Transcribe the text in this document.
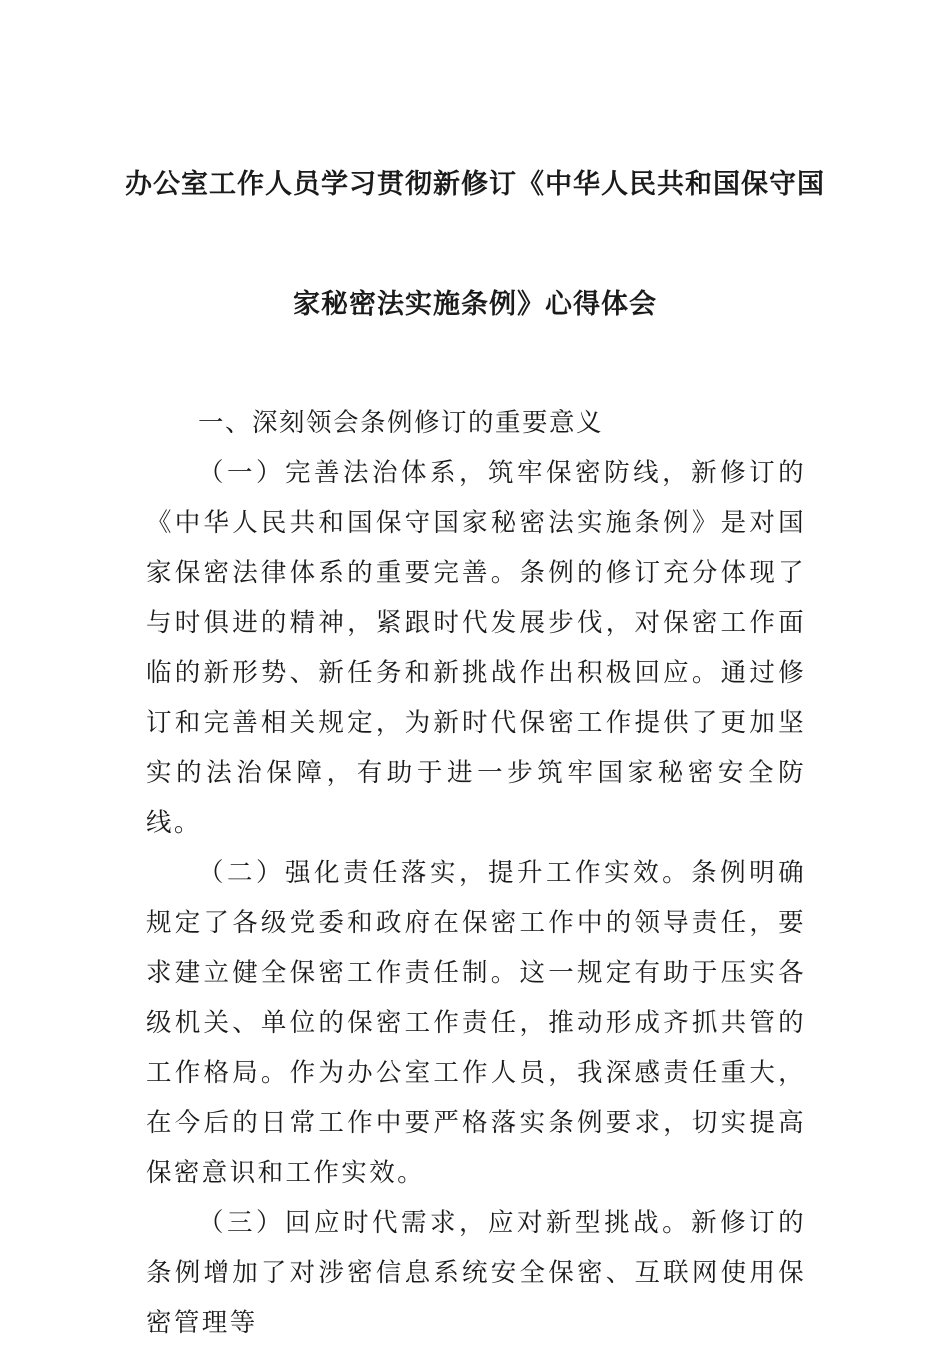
办公室工作人员学习贯彻新修订《中华人民共和国保守国
家秘密法实施条例》心得体会

一、深刻领会条例修订的重要意义

（一）完善法治体系，筑牢保密防线，新修订的《中华人民共和国保守国家秘密法实施条例》是对国家保密法律体系的重要完善。条例的修订充分体现了与时俱进的精神，紧跟时代发展步伐，对保密工作面临的新形势、新任务和新挑战作出积极回应。通过修订和完善相关规定，为新时代保密工作提供了更加坚实的法治保障，有助于进一步筑牢国家秘密安全防线。

（二）强化责任落实，提升工作实效。条例明确规定了各级党委和政府在保密工作中的领导责任，要求建立健全保密工作责任制。这一规定有助于压实各级机关、单位的保密工作责任，推动形成齐抓共管的工作格局。作为办公室工作人员，我深感责任重大，在今后的日常工作中要严格落实条例要求，切实提高保密意识和工作实效。

（三）回应时代需求，应对新型挑战。新修订的条例增加了对涉密信息系统安全保密、互联网使用保密管理等
